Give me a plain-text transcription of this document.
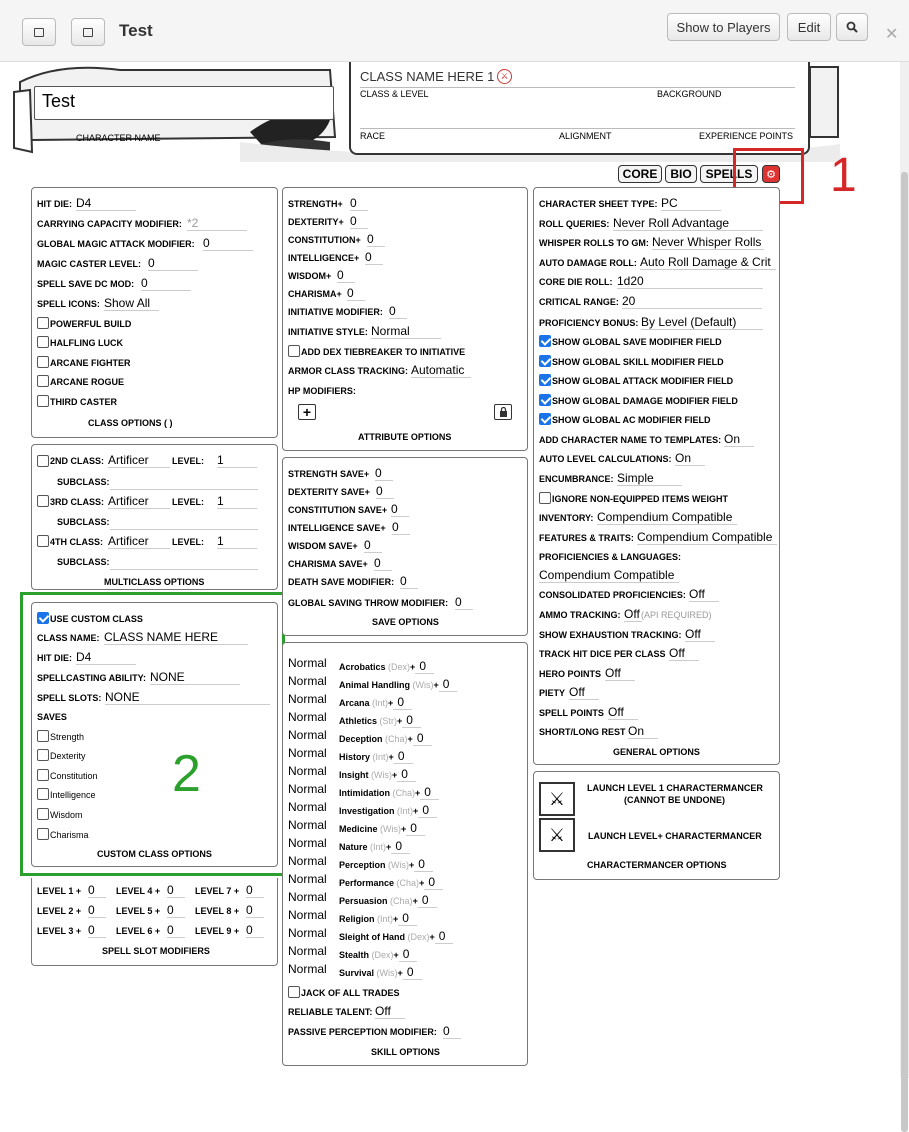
Test	Show to Players	Edit	✕
Test
CHARACTER NAME
CLASS NAME HERE 1 ⚔
CLASS & LEVEL	BACKGROUND
RACE	ALIGNMENT	EXPERIENCE POINTS
CORE	BIO	SPELLS	⚙ 1
HIT DIE: D4
CARRYING CAPACITY MODIFIER: *2
GLOBAL MAGIC ATTACK MODIFIER: 0
MAGIC CASTER LEVEL: 0
SPELL SAVE DC MOD: 0
SPELL ICONS: Show All
POWERFUL BUILD
HALFLING LUCK
ARCANE FIGHTER
ARCANE ROGUE
THIRD CASTER
CLASS OPTIONS ( )
2ND CLASS: Artificer	LEVEL: 1
SUBCLASS:
3RD CLASS: Artificer	LEVEL: 1
SUBCLASS:
4TH CLASS: Artificer	LEVEL: 1
SUBCLASS:
MULTICLASS OPTIONS
USE CUSTOM CLASS
CLASS NAME: CLASS NAME HERE
HIT DIE: D4
SPELLCASTING ABILITY: NONE
SPELL SLOTS: NONE
SAVES
Strength
Dexterity
Constitution
Intelligence
Wisdom
Charisma
CUSTOM CLASS OPTIONS
2
LEVEL 1 + 0	LEVEL 4 + 0	LEVEL 7 + 0
LEVEL 2 + 0	LEVEL 5 + 0	LEVEL 8 + 0
LEVEL 3 + 0	LEVEL 6 + 0	LEVEL 9 + 0
SPELL SLOT MODIFIERS
STRENGTH+ 0
DEXTERITY+ 0
CONSTITUTION+ 0
INTELLIGENCE+ 0
WISDOM+ 0
CHARISMA+ 0
INITIATIVE MODIFIER: 0
INITIATIVE STYLE: Normal
ADD DEX TIEBREAKER TO INITIATIVE
ARMOR CLASS TRACKING: Automatic
HP MODIFIERS:
+
ATTRIBUTE OPTIONS
STRENGTH SAVE+ 0
DEXTERITY SAVE+ 0
CONSTITUTION SAVE+ 0
INTELLIGENCE SAVE+ 0
WISDOM SAVE+ 0
CHARISMA SAVE+ 0
DEATH SAVE MODIFIER: 0
GLOBAL SAVING THROW MODIFIER: 0
SAVE OPTIONS
Normal Acrobatics (Dex)+ 0
Normal Animal Handling (Wis)+ 0
Normal Arcana (Int)+ 0
Normal Athletics (Str)+ 0
Normal Deception (Cha)+ 0
Normal History (Int)+ 0
Normal Insight (Wis)+ 0
Normal Intimidation (Cha)+ 0
Normal Investigation (Int)+ 0
Normal Medicine (Wis)+ 0
Normal Nature (Int)+ 0
Normal Perception (Wis)+ 0
Normal Performance (Cha)+ 0
Normal Persuasion (Cha)+ 0
Normal Religion (Int)+ 0
Normal Sleight of Hand (Dex)+ 0
Normal Stealth (Dex)+ 0
Normal Survival (Wis)+ 0
JACK OF ALL TRADES
RELIABLE TALENT: Off
PASSIVE PERCEPTION MODIFIER: 0
SKILL OPTIONS
CHARACTER SHEET TYPE: PC
ROLL QUERIES: Never Roll Advantage
WHISPER ROLLS TO GM: Never Whisper Rolls
AUTO DAMAGE ROLL: Auto Roll Damage & Crit
CORE DIE ROLL: 1d20
CRITICAL RANGE: 20
PROFICIENCY BONUS: By Level (Default)
SHOW GLOBAL SAVE MODIFIER FIELD
SHOW GLOBAL SKILL MODIFIER FIELD
SHOW GLOBAL ATTACK MODIFIER FIELD
SHOW GLOBAL DAMAGE MODIFIER FIELD
SHOW GLOBAL AC MODIFIER FIELD
ADD CHARACTER NAME TO TEMPLATES: On
AUTO LEVEL CALCULATIONS: On
ENCUMBRANCE: Simple
IGNORE NON-EQUIPPED ITEMS WEIGHT
INVENTORY: Compendium Compatible
FEATURES & TRAITS: Compendium Compatible
PROFICIENCIES & LANGUAGES:
Compendium Compatible
CONSOLIDATED PROFICIENCIES: Off
AMMO TRACKING: Off (API REQUIRED)
SHOW EXHAUSTION TRACKING: Off
TRACK HIT DICE PER CLASS Off
HERO POINTS Off
PIETY Off
SPELL POINTS Off
SHORT/LONG REST On
GENERAL OPTIONS
⚔
LAUNCH LEVEL 1 CHARACTERMANCER
(CANNOT BE UNDONE)
⚔	LAUNCH LEVEL+ CHARACTERMANCER
CHARACTERMANCER OPTIONS
